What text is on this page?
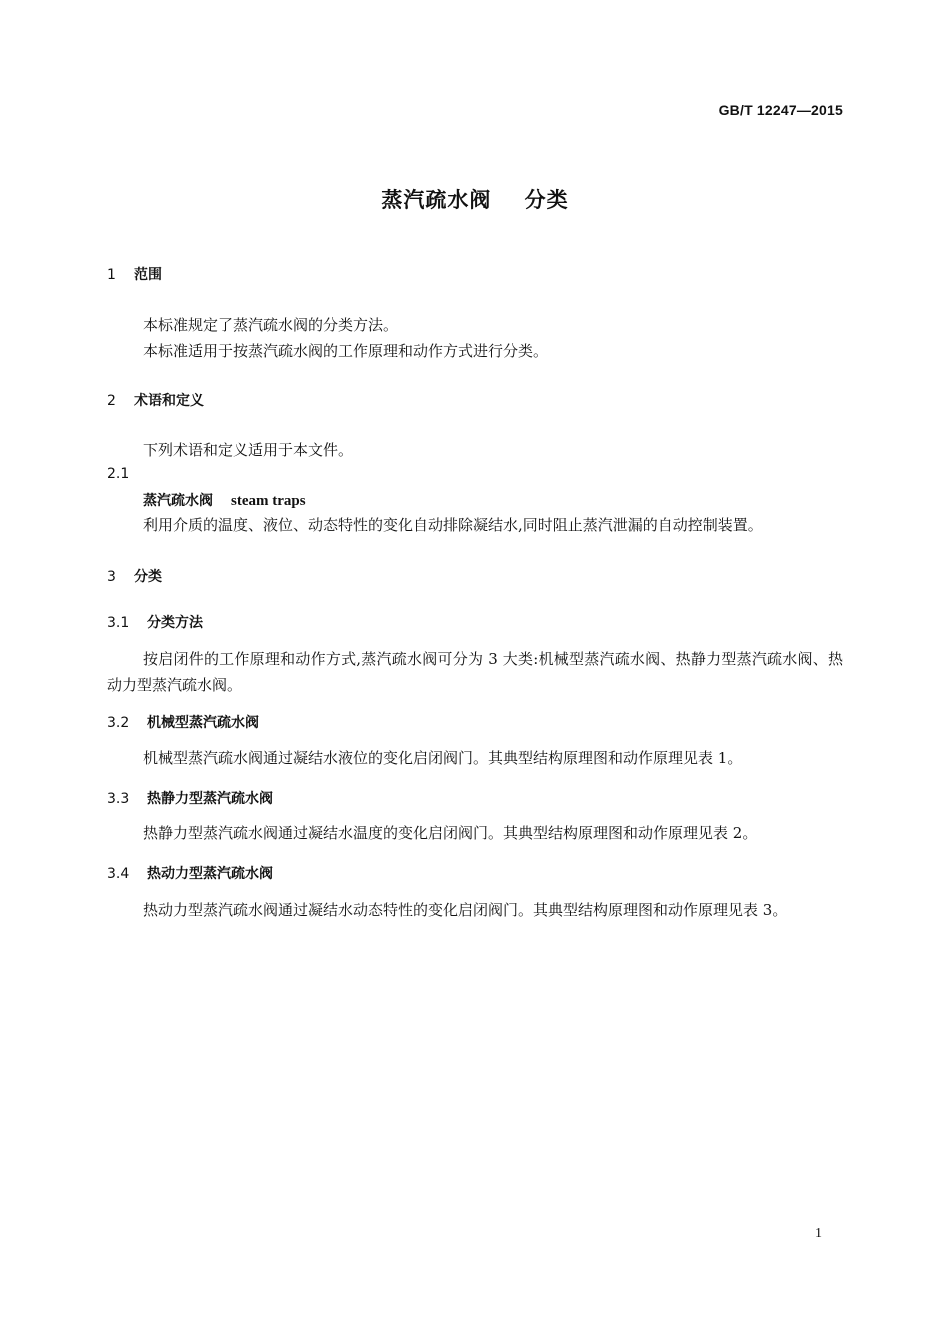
GB/T 12247—2015
蒸汽疏水阀    分类
1 范围
本标准规定了蒸汽疏水阀的分类方法。
本标准适用于按蒸汽疏水阀的工作原理和动作方式进行分类。
2 术语和定义
下列术语和定义适用于本文件。
2.1
蒸汽疏水阀 steam traps
利用介质的温度、液位、动态特性的变化自动排除凝结水,同时阻止蒸汽泄漏的自动控制装置。
3 分类
3.1 分类方法
按启闭件的工作原理和动作方式,蒸汽疏水阀可分为 3 大类:机械型蒸汽疏水阀、热静力型蒸汽疏水阀、热动力型蒸汽疏水阀。
3.2 机械型蒸汽疏水阀
机械型蒸汽疏水阀通过凝结水液位的变化启闭阀门。其典型结构原理图和动作原理见表 1。
3.3 热静力型蒸汽疏水阀
热静力型蒸汽疏水阀通过凝结水温度的变化启闭阀门。其典型结构原理图和动作原理见表 2。
3.4 热动力型蒸汽疏水阀
热动力型蒸汽疏水阀通过凝结水动态特性的变化启闭阀门。其典型结构原理图和动作原理见表 3。
1
